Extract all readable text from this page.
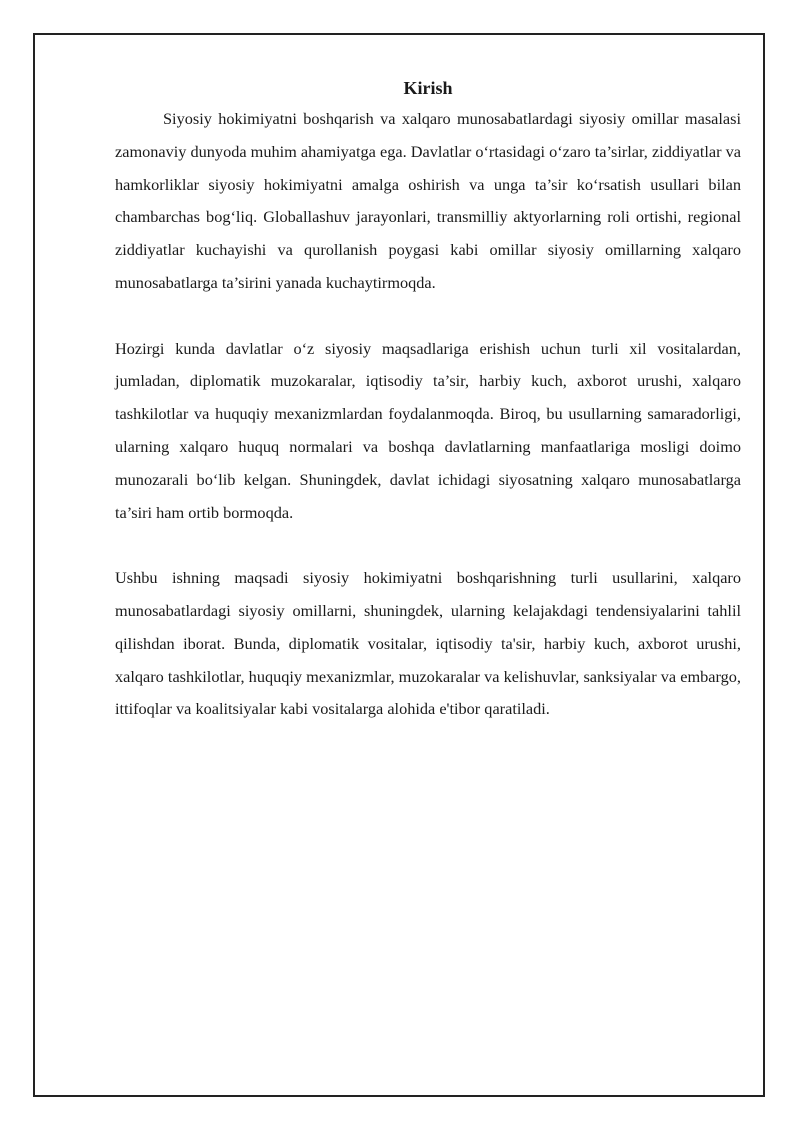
Kirish

Siyosiy hokimiyatni boshqarish va xalqaro munosabatlardagi siyosiy omillar masalasi zamonaviy dunyoda muhim ahamiyatga ega. Davlatlar o‘rtasidagi o‘zaro ta’sirlar, ziddiyatlar va hamkorliklar siyosiy hokimiyatni amalga oshirish va unga ta’sir ko‘rsatish usullari bilan chambarchas bog‘liq. Globallashuv jarayonlari, transmilliy aktyorlarning roli ortishi, regional ziddiyatlar kuchayishi va qurollanish poygasi kabi omillar siyosiy omillarning xalqaro munosabatlarga ta’sirini yanada kuchaytirmoqda.

Hozirgi kunda davlatlar o‘z siyosiy maqsadlariga erishish uchun turli xil vositalardan, jumladan, diplomatik muzokaralar, iqtisodiy ta’sir, harbiy kuch, axborot urushi, xalqaro tashkilotlar va huquqiy mexanizmlardan foydalanmoqda. Biroq, bu usullarning samaradorligi, ularning xalqaro huquq normalari va boshqa davlatlarning manfaatlariga mosligi doimo munozarali bo‘lib kelgan. Shuningdek, davlat ichidagi siyosatning xalqaro munosabatlarga ta’siri ham ortib bormoqda.

Ushbu ishning maqsadi siyosiy hokimiyatni boshqarishning turli usullarini, xalqaro munosabatlardagi siyosiy omillarni, shuningdek, ularning kelajakdagi tendensiyalarini tahlil qilishdan iborat. Bunda, diplomatik vositalar, iqtisodiy ta'sir, harbiy kuch, axborot urushi, xalqaro tashkilotlar, huquqiy mexanizmlar, muzokaralar va kelishuvlar, sanksiyalar va embargo, ittifoqlar va koalitsiyalar kabi vositalarga alohida e'tibor qaratiladi.
